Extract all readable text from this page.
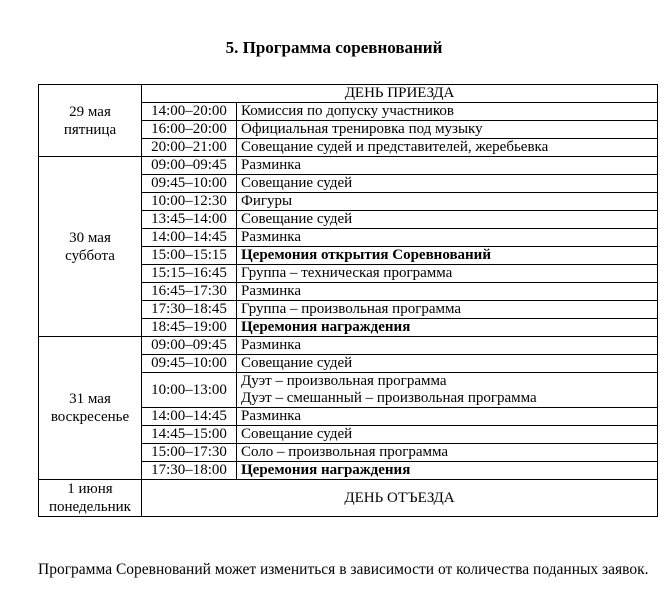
5. Программа соревнований
29 мая
пятница	ДЕНЬ ПРИЕЗДА	
	14:00–20:00	Комиссия по допуску участников

	16:00–20:00	Официальная тренировка под музыку

	20:00–21:00	Совещание судей и представителей, жеребьевка

30 мая
суббота	09:00–09:45	Разминка

	09:45–10:00	Совещание судей

	10:00–12:30	Фигуры

	13:45–14:00	Совещание судей

	14:00–14:45	Разминка

	15:00–15:15	Церемония открытия Соревнований

	15:15–16:45	Группа – техническая программа

	16:45–17:30	Разминка

	17:30–18:45	Группа – произвольная программа

	18:45–19:00	Церемония награждения

31 мая
воскресенье	09:00–09:45	Разминка

	09:45–10:00	Совещание судей

	10:00–13:00	Дуэт – произвольная программа
Дуэт – смешанный – произвольная программа

	14:00–14:45	Разминка

	14:45–15:00	Совещание судей

	15:00–17:30	Соло – произвольная программа

	17:30–18:00	Церемония награждения

1 июня
понедельник	ДЕНЬ ОТЪЕЗДА	
Программа Соревнований может измениться в зависимости от количества поданных заявок.
